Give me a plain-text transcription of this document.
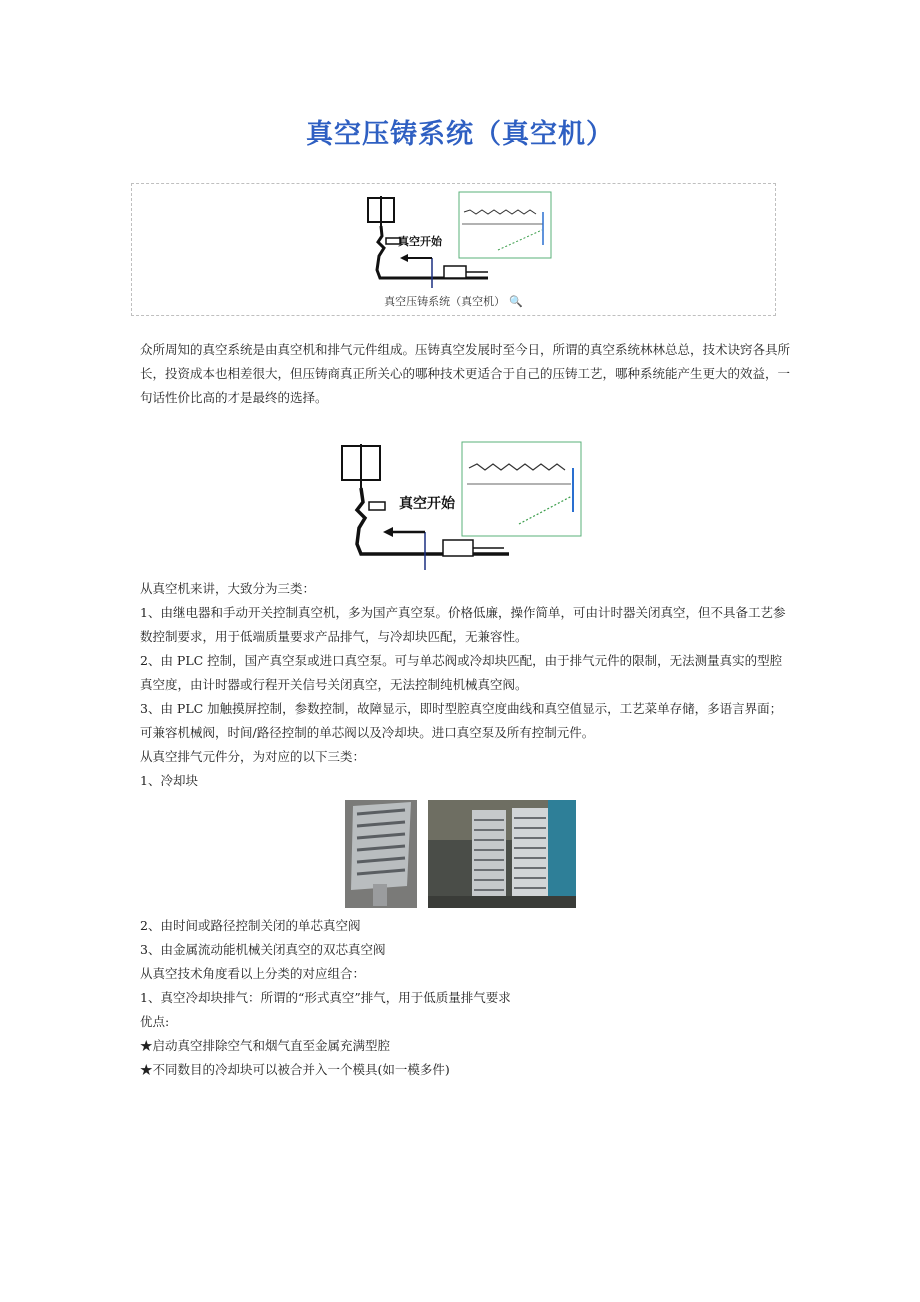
真空压铸系统（真空机）
真空开始
真空压铸系统（真空机） 🔍

众所周知的真空系统是由真空机和排气元件组成。压铸真空发展时至今日，所谓的真空系统林林总总，技术诀窍各具所长，投资成本也相差很大，但压铸商真正所关心的哪种技术更适合于自己的压铸工艺，哪种系统能产生更大的效益，一句话性价比高的才是最终的选择。

真空开始

从真空机来讲，大致分为三类：

1、由继电器和手动开关控制真空机，多为国产真空泵。价格低廉，操作简单，可由计时器关闭真空，但不具备工艺参数控制要求，用于低端质量要求产品排气，与冷却块匹配，无兼容性。

2、由 PLC 控制，国产真空泵或进口真空泵。可与单芯阀或冷却块匹配，由于排气元件的限制，无法测量真实的型腔真空度，由计时器或行程开关信号关闭真空，无法控制纯机械真空阀。

3、由 PLC 加触摸屏控制，参数控制，故障显示，即时型腔真空度曲线和真空值显示，工艺菜单存储，多语言界面；可兼容机械阀，时间/路径控制的单芯阀以及冷却块。进口真空泵及所有控制元件。

从真空排气元件分，为对应的以下三类：

1、冷却块

2、由时间或路径控制关闭的单芯真空阀

3、由金属流动能机械关闭真空的双芯真空阀

从真空技术角度看以上分类的对应组合：

1、真空冷却块排气：所谓的“形式真空”排气，用于低质量排气要求

优点:

★启动真空排除空气和烟气直至金属充满型腔

★不同数目的冷却块可以被合并入一个模具(如一模多件)
